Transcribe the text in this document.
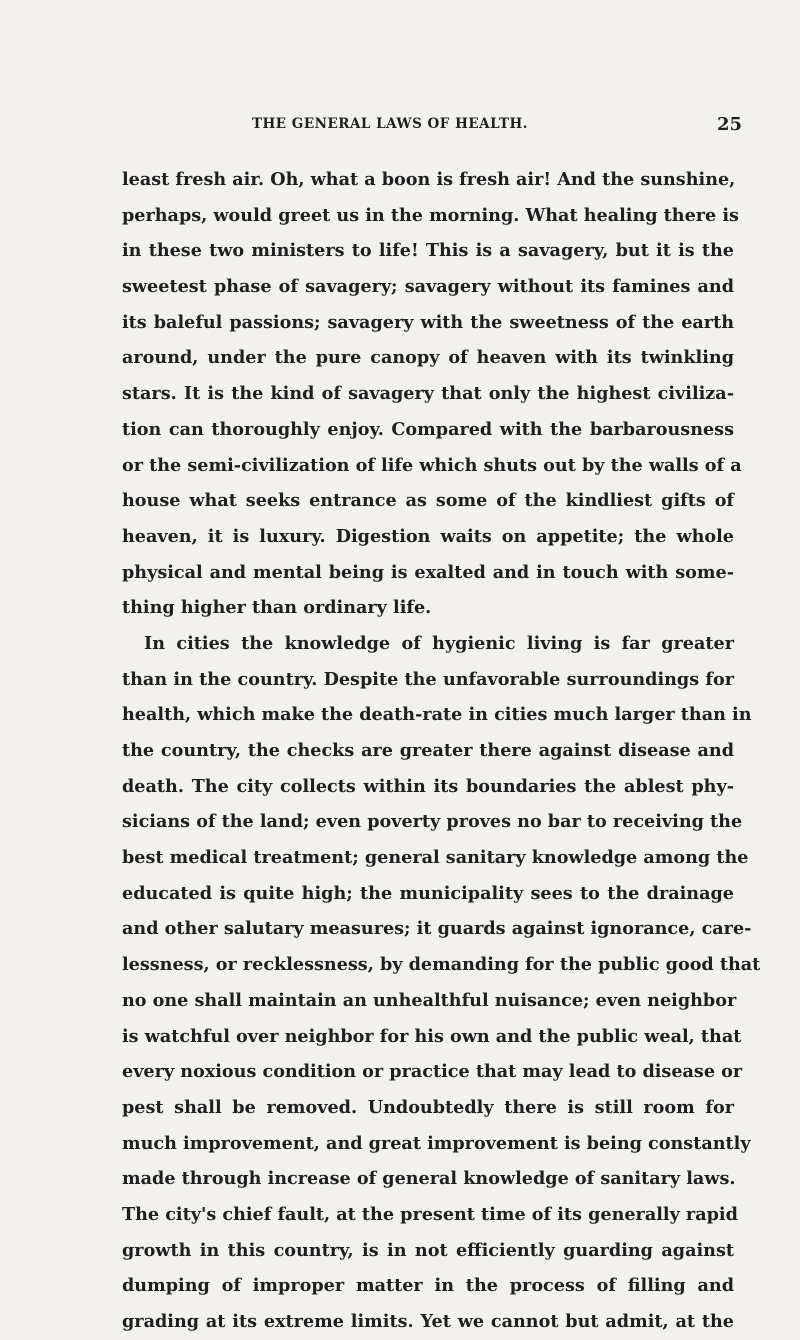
THE GENERAL LAWS OF HEALTH.	25
least fresh air. Oh, what a boon is fresh air! And the sunshine,
perhaps, would greet us in the morning. What healing there is
in these two ministers to life! This is a savagery, but it is the
sweetest phase of savagery; savagery without its famines and
its baleful passions; savagery with the sweetness of the earth
around, under the pure canopy of heaven with its twinkling
stars. It is the kind of savagery that only the highest civiliza-
tion can thoroughly enjoy. Compared with the barbarousness
or the semi-civilization of life which shuts out by the walls of a
house what seeks entrance as some of the kindliest gifts of
heaven, it is luxury. Digestion waits on appetite; the whole
physical and mental being is exalted and in touch with some-
thing higher than ordinary life.
In cities the knowledge of hygienic living is far greater
than in the country. Despite the unfavorable surroundings for
health, which make the death-rate in cities much larger than in
the country, the checks are greater there against disease and
death. The city collects within its boundaries the ablest phy-
sicians of the land; even poverty proves no bar to receiving the
best medical treatment; general sanitary knowledge among the
educated is quite high; the municipality sees to the drainage
and other salutary measures; it guards against ignorance, care-
lessness, or recklessness, by demanding for the public good that
no one shall maintain an unhealthful nuisance; even neighbor
is watchful over neighbor for his own and the public weal, that
every noxious condition or practice that may lead to disease or
pest shall be removed. Undoubtedly there is still room for
much improvement, and great improvement is being constantly
made through increase of general knowledge of sanitary laws.
The city's chief fault, at the present time of its generally rapid
growth in this country, is in not efficiently guarding against
dumping of improper matter in the process of filling and
grading at its extreme limits. Yet we cannot but admit, at the
